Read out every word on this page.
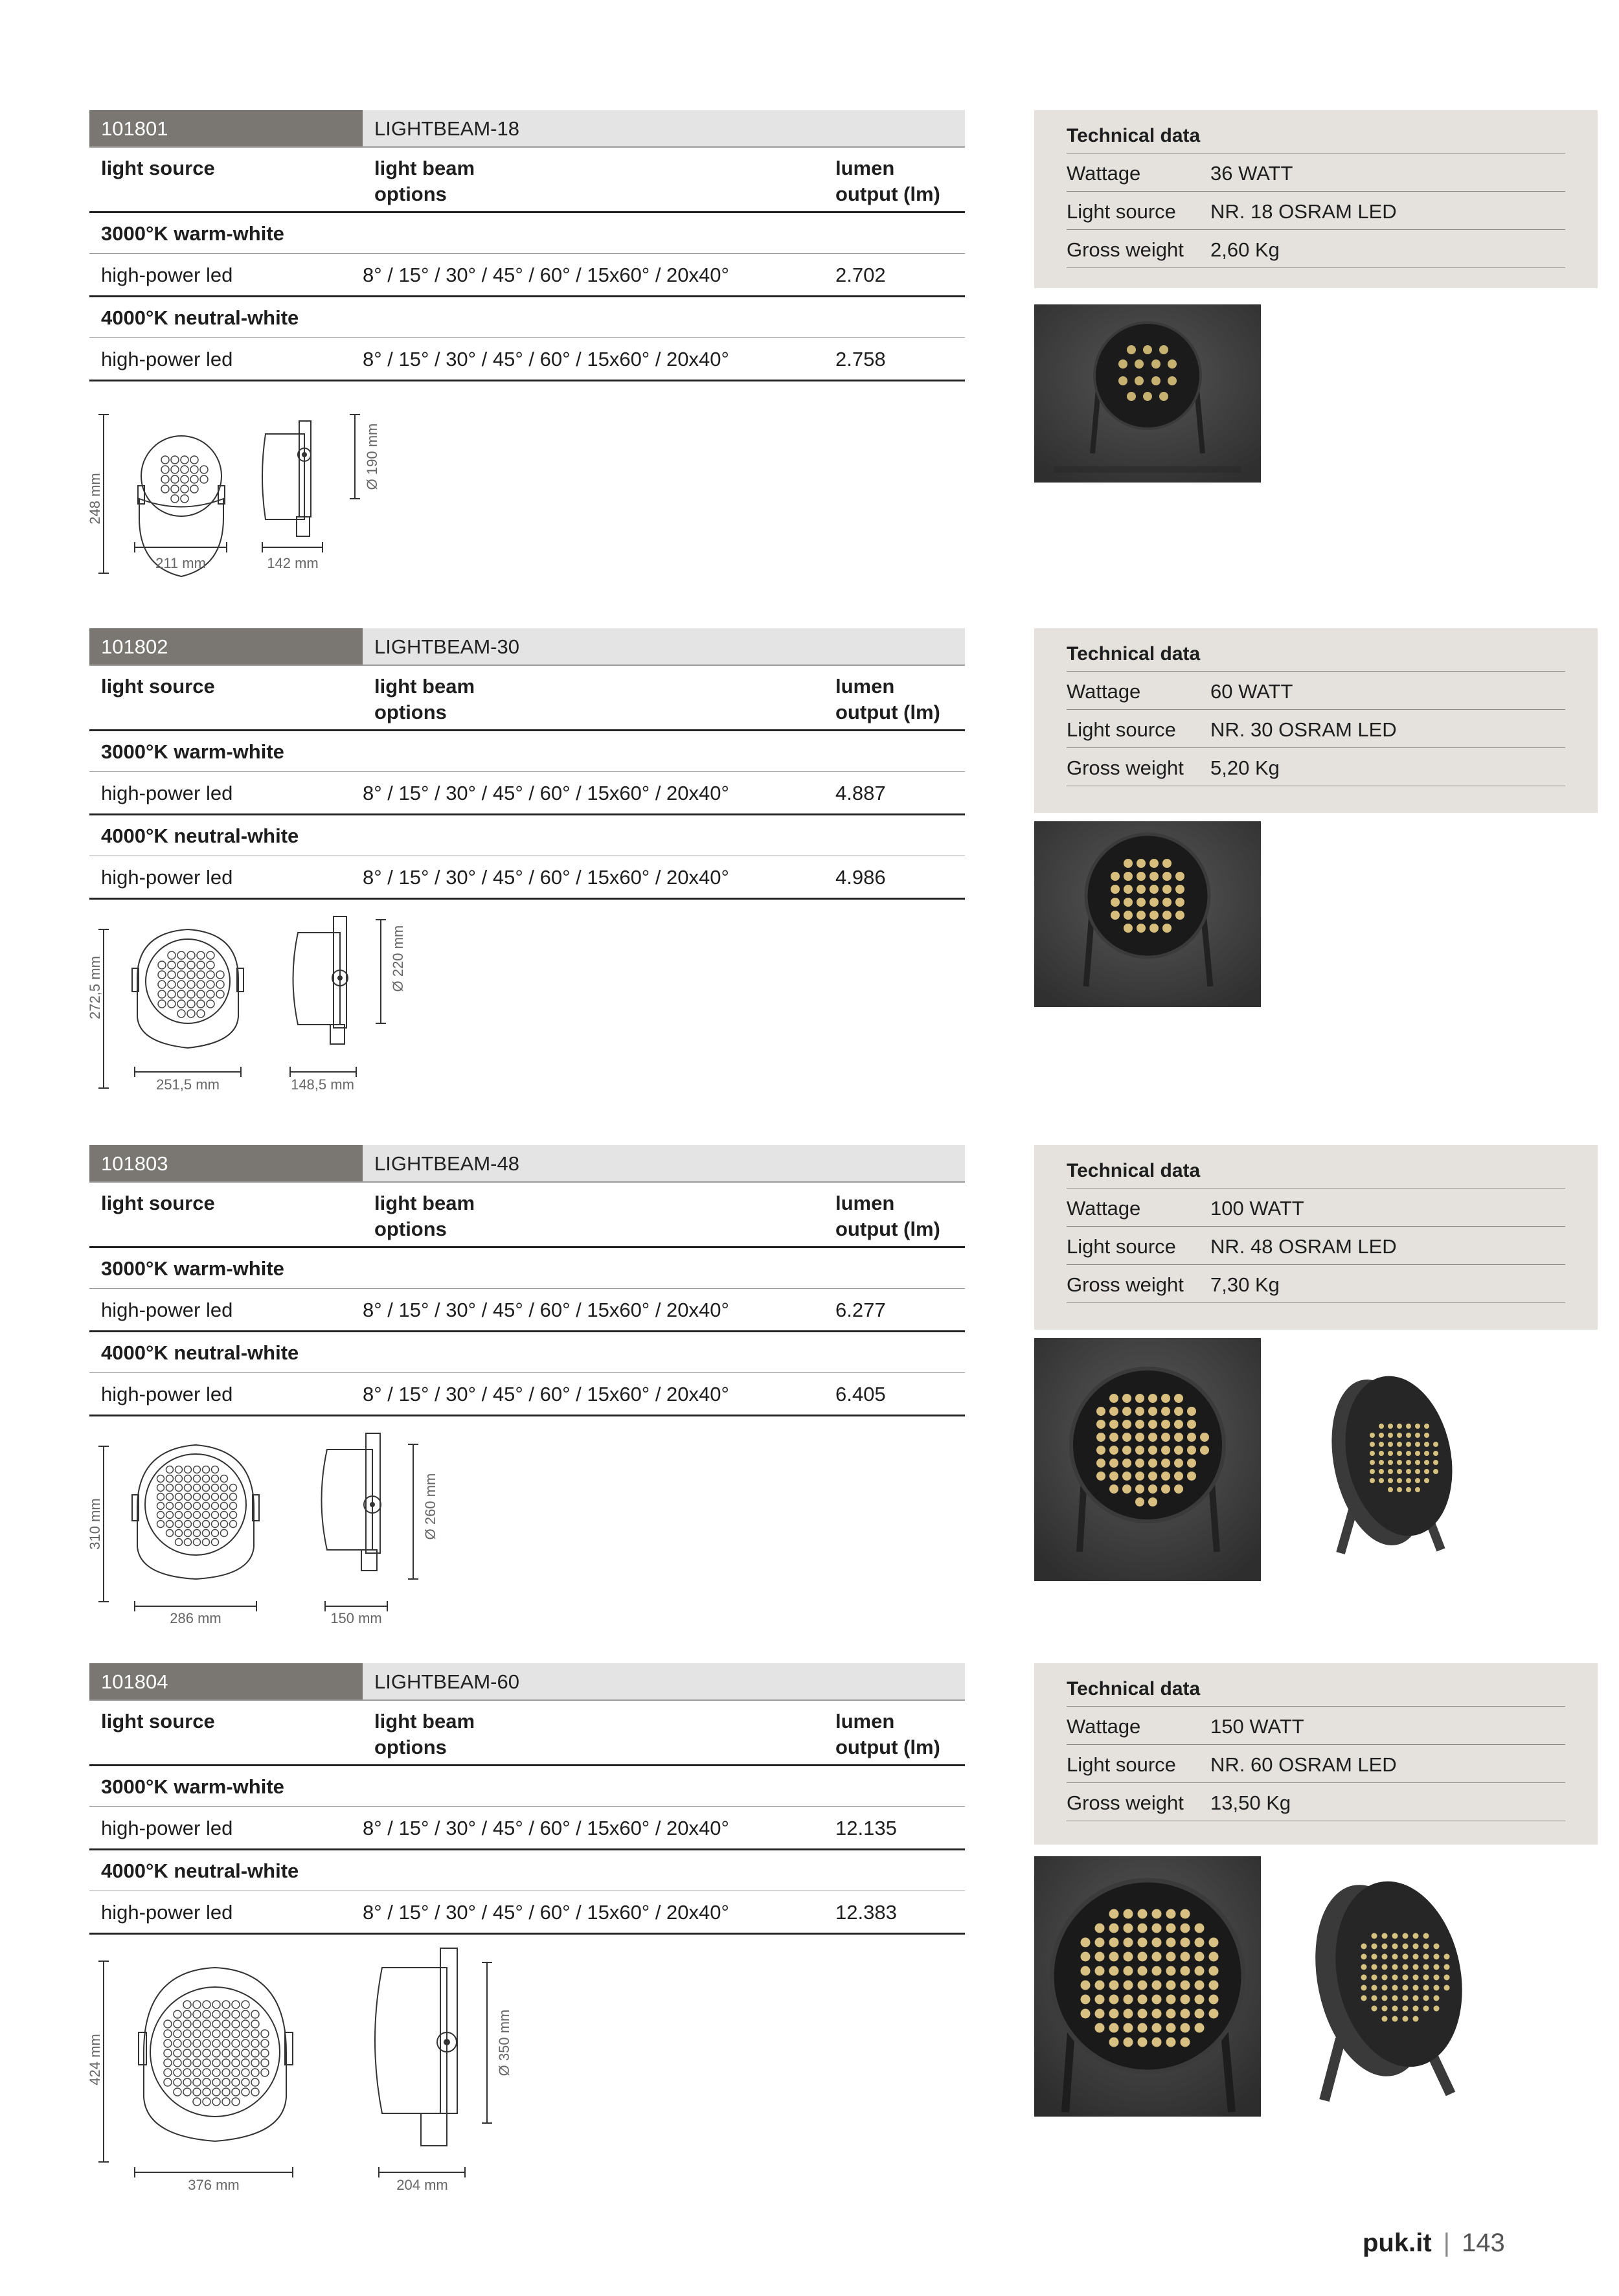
101801	LIGHTBEAM-18
light source	light beam
options
lumen
output (lm)
3000°K warm-white
high-power led	8° / 15° / 30° / 45° / 60° / 15x60° / 20x40°	2.702
4000°K neutral-white
high-power led	8° / 15° / 30° / 45° / 60° / 15x60° / 20x40°	2.758
248 mm
211 mm	142 mm
Ø 190 mm
Technical data
Wattage	36 WATT
Light source NR. 18 OSRAM LED
Gross weight 2,60 Kg
101802	LIGHTBEAM-30
light source	light beam
options
lumen
output (lm)
3000°K warm-white
high-power led	8° / 15° / 30° / 45° / 60° / 15x60° / 20x40°	4.887
4000°K neutral-white
high-power led	8° / 15° / 30° / 45° / 60° / 15x60° / 20x40°	4.986
272,5 mm
251,5 mm	148,5 mm
Ø 220 mm
Technical data
Wattage	60 WATT
Light source NR. 30 OSRAM LED
Gross weight 5,20 Kg
101803	LIGHTBEAM-48
light source	light beam
options
lumen
output (lm)
3000°K warm-white
high-power led	8° / 15° / 30° / 45° / 60° / 15x60° / 20x40°	6.277
4000°K neutral-white
high-power led	8° / 15° / 30° / 45° / 60° / 15x60° / 20x40°	6.405
310 mm
286 mm	150 mm
Ø 260 mm
Technical data
Wattage	100 WATT
Light source NR. 48 OSRAM LED
Gross weight 7,30 Kg
101804	LIGHTBEAM-60
light source	light beam
options
lumen
output (lm)
3000°K warm-white
high-power led	8° / 15° / 30° / 45° / 60° / 15x60° / 20x40°	12.135
4000°K neutral-white
high-power led	8° / 15° / 30° / 45° / 60° / 15x60° / 20x40°	12.383
424 mm
376 mm	204 mm
Ø 350 mm
Technical data
Wattage	150 WATT
Light source NR. 60 OSRAM LED
Gross weight 13,50 Kg
puk.it | 143
